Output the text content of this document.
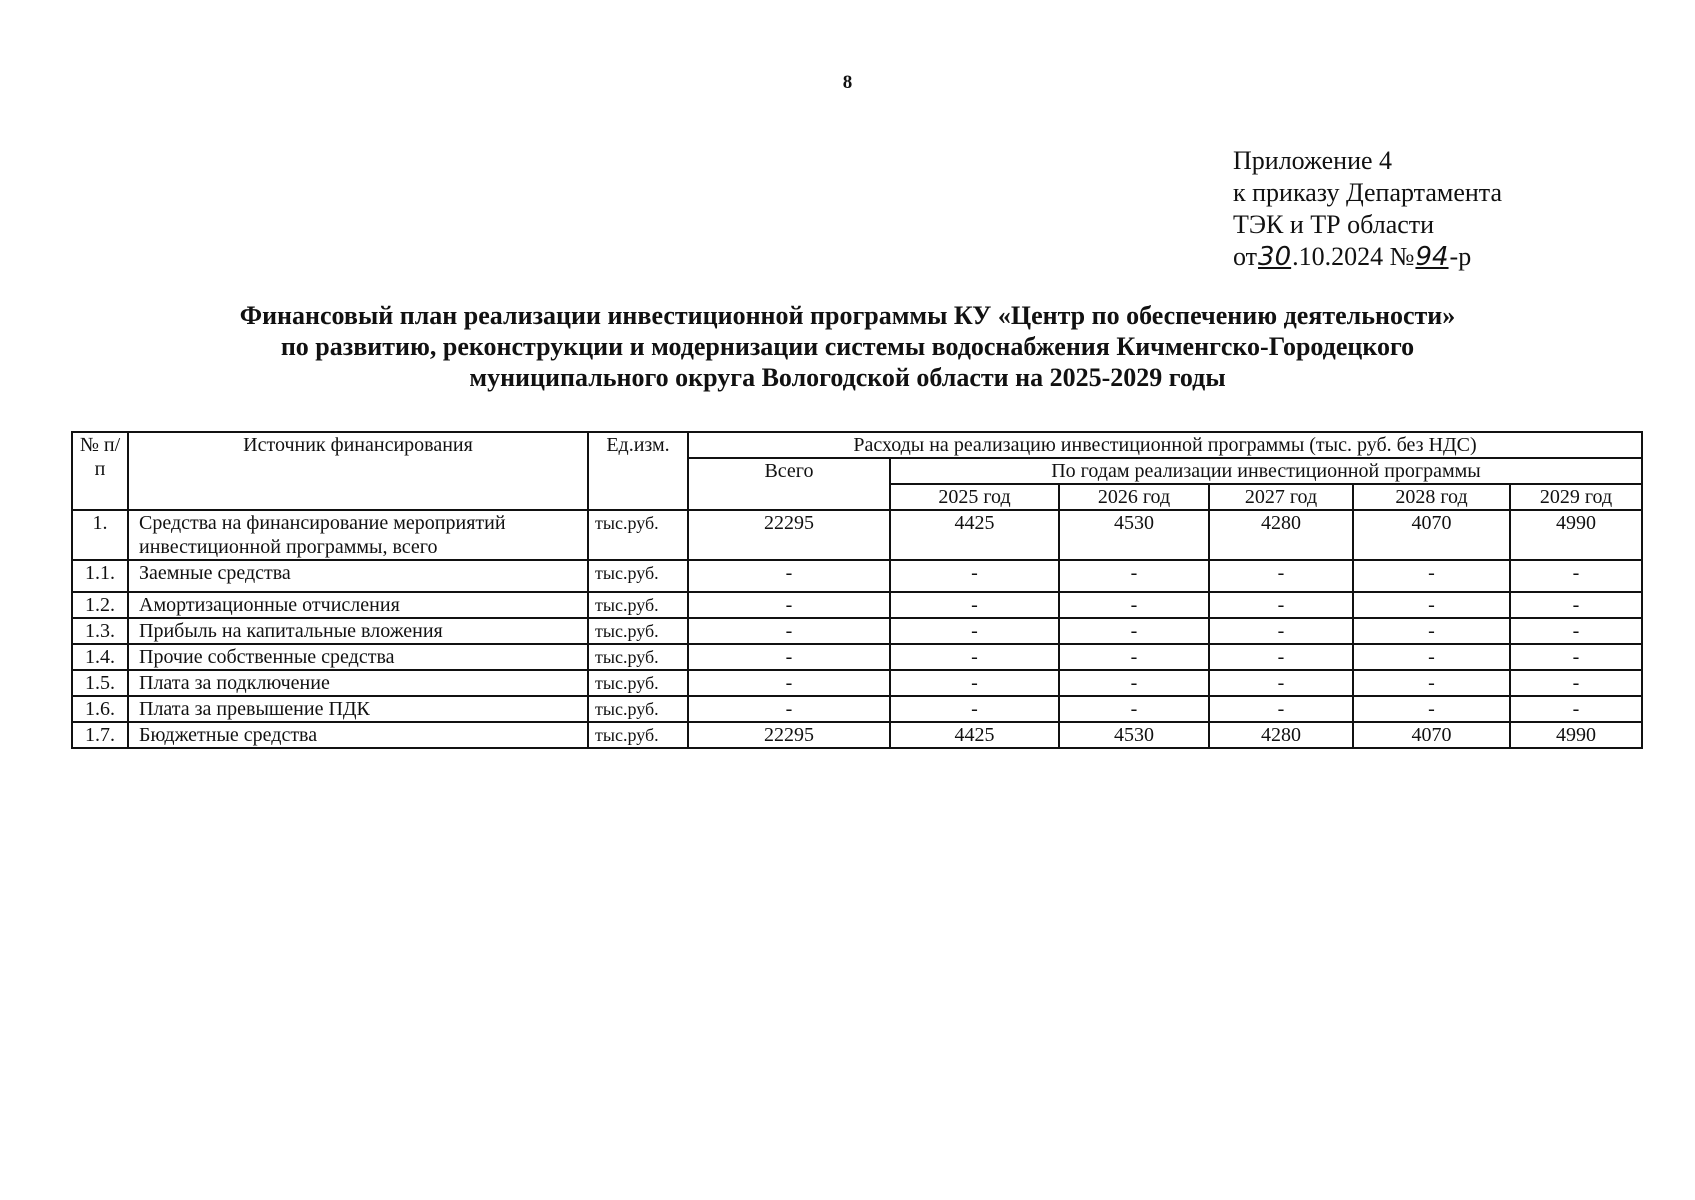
8
Приложение 4
к приказу Департамента
ТЭК и ТР области
от30.10.2024 №94-р
Финансовый план реализации инвестиционной программы КУ «Центр по обеспечению деятельности»
по развитию, реконструкции и модернизации системы водоснабжения Кичменгско-Городецкого
муниципального округа Вологодской области на 2025-2029 годы
№ п/п	Источник финансирования	Ед.изм.	Расходы на реализацию инвестиционной программы (тыс. руб. без НДС)					
			Всего	По годам реализации инвестиционной программы				
				2025 год	2026 год	2027 год	2028 год	2029 год
1.	Средства на финансирование мероприятий инвестиционной программы, всего	тыс.руб.	22295	4425	4530	4280	4070	4990
1.1.	Заемные средства	тыс.руб.	-	-	-	-	-	-
1.2.	Амортизационные отчисления	тыс.руб.	-	-	-	-	-	-
1.3.	Прибыль на капитальные вложения	тыс.руб.	-	-	-	-	-	-
1.4.	Прочие собственные средства	тыс.руб.	-	-	-	-	-	-
1.5.	Плата за подключение	тыс.руб.	-	-	-	-	-	-
1.6.	Плата за превышение ПДК	тыс.руб.	-	-	-	-	-	-
1.7.	Бюджетные средства	тыс.руб.	22295	4425	4530	4280	4070	4990
